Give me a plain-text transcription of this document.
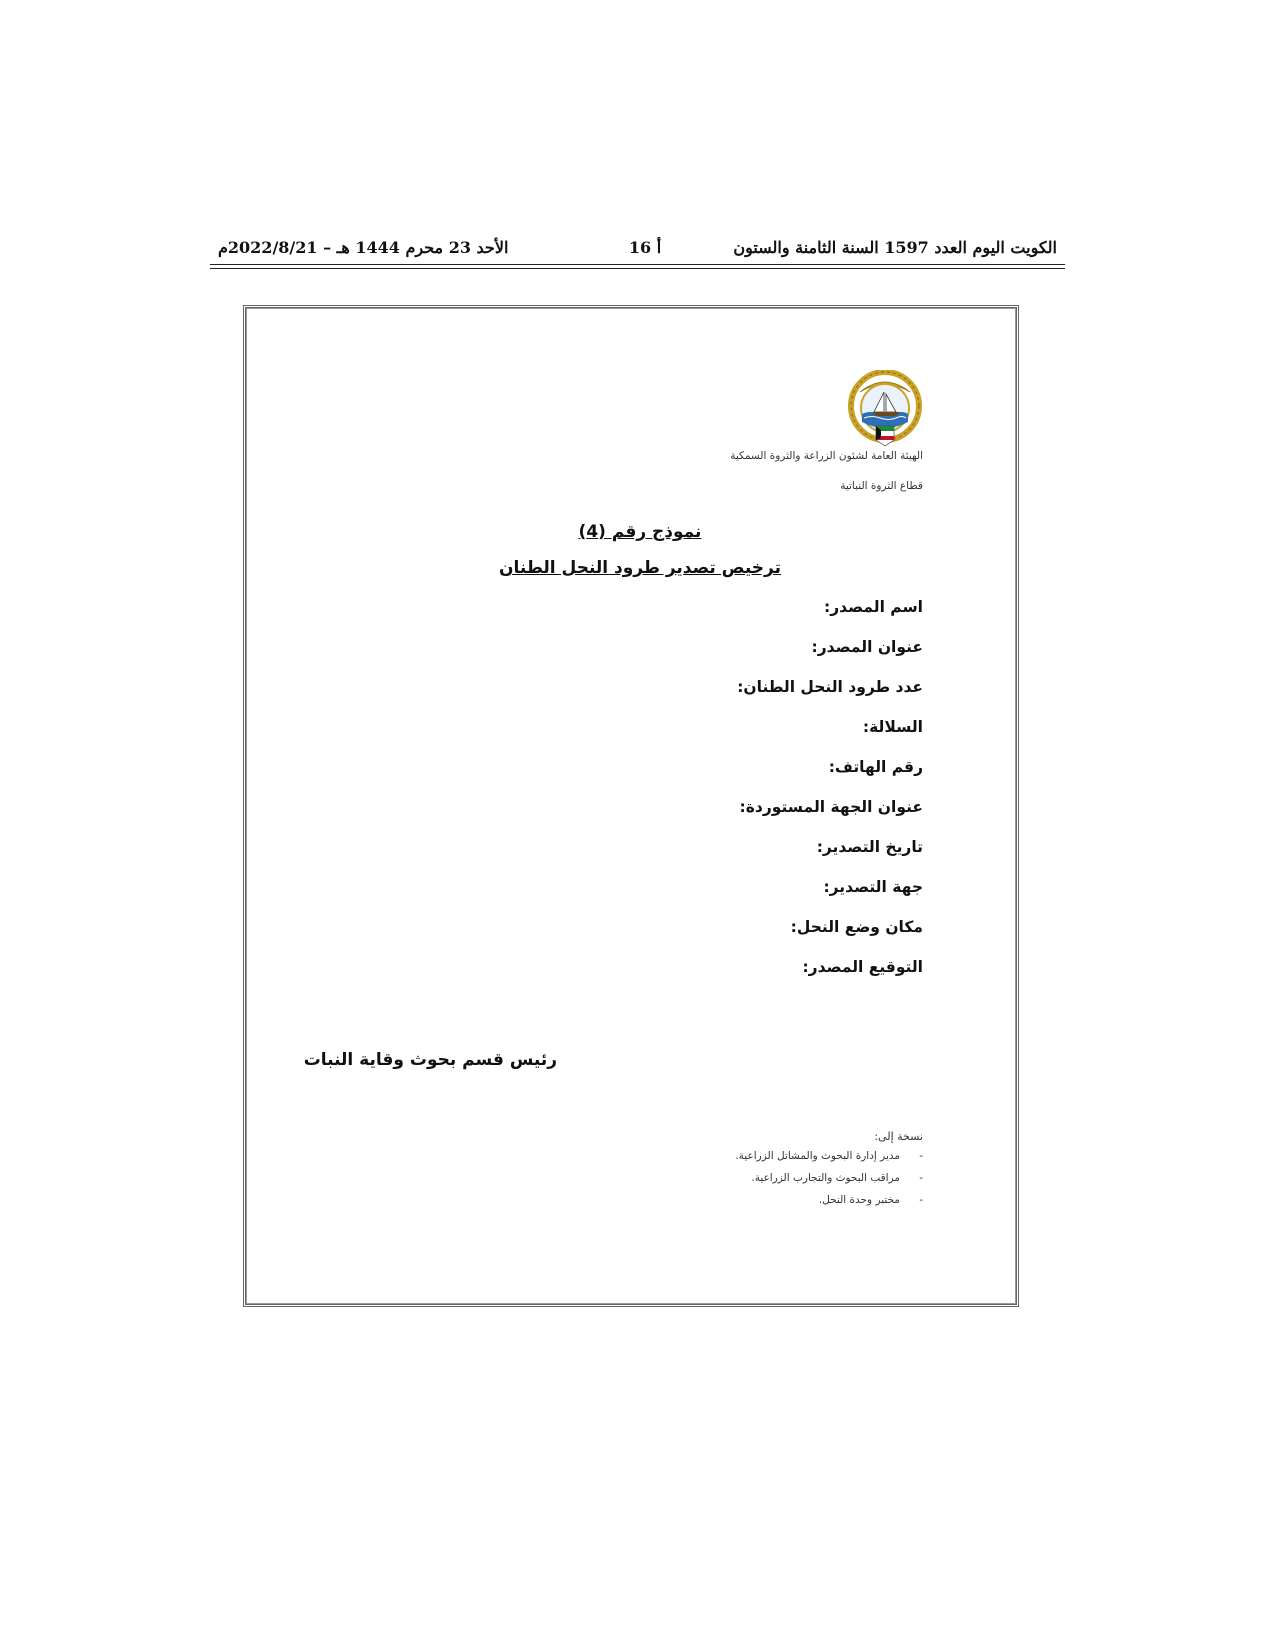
الكويت اليوم العدد 1597 السنة الثامنة والستون
أ 16
الأحد 23 محرم 1444 هـ – 2022/8/21م
الهيئة العامة لشئون الزراعة والثروة السمكية
قطاع الثروة النباتية
نموذج رقم (4)
ترخيص تصدير طرود النحل الطنان
اسم المصدر:
عنوان المصدر:
عدد طرود النحل الطنان:
السلالة:
رقم الهاتف:
عنوان الجهة المستوردة:
تاريخ التصدير:
جهة التصدير:
مكان وضع النحل:
التوقيع المصدر:
رئيس قسم بحوث وقاية النبات
نسخة إلى:
-
مدير إدارة البحوث والمشاتل الزراعية.
-
مراقب البحوث والتجارب الزراعية.
-
مختبر وحدة النحل.
